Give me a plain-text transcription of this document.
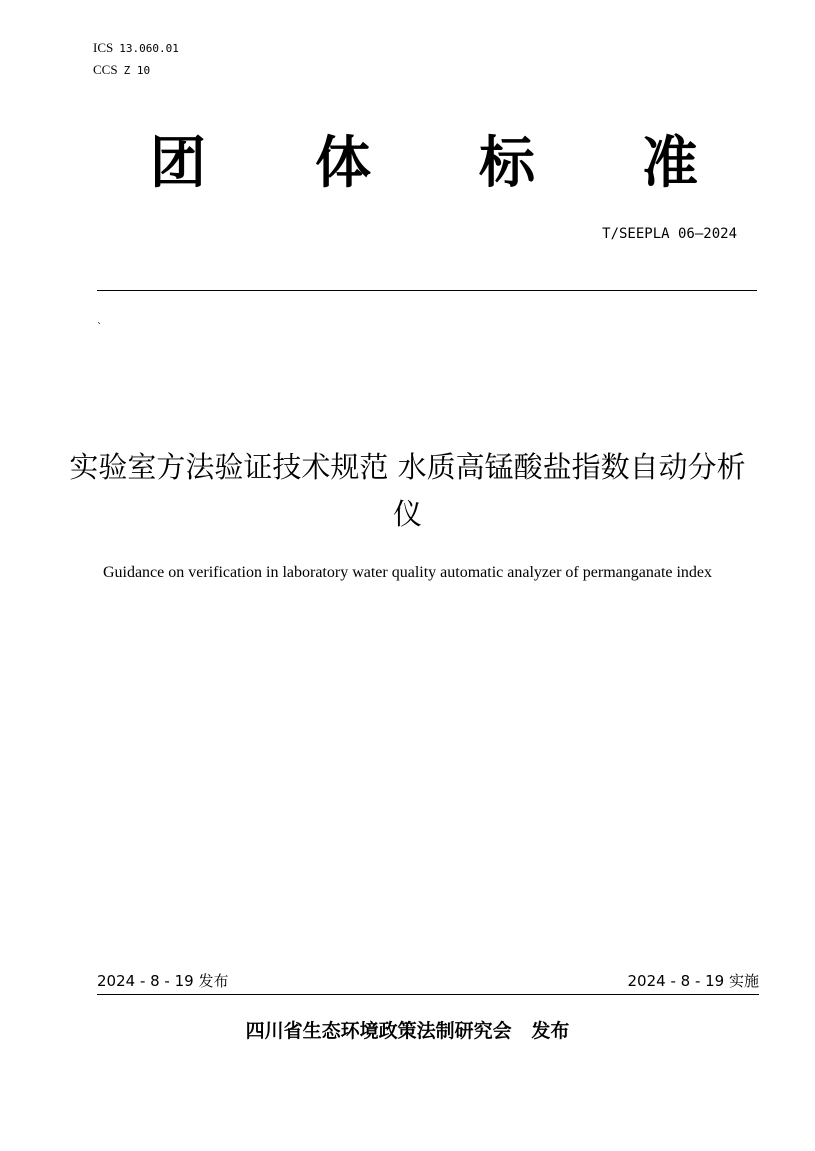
ICS 13.060.01
CCS Z 10
团	体	标	准
T/SEEPLA 06—2024
`
实验室方法验证技术规范 水质高锰酸盐指数自动分析仪
Guidance on verification in laboratory water quality automatic analyzer of permanganate index
2024 - 8 - 19 发布	2024 - 8 - 19 实施
四川省生态环境政策法制研究会   发布
